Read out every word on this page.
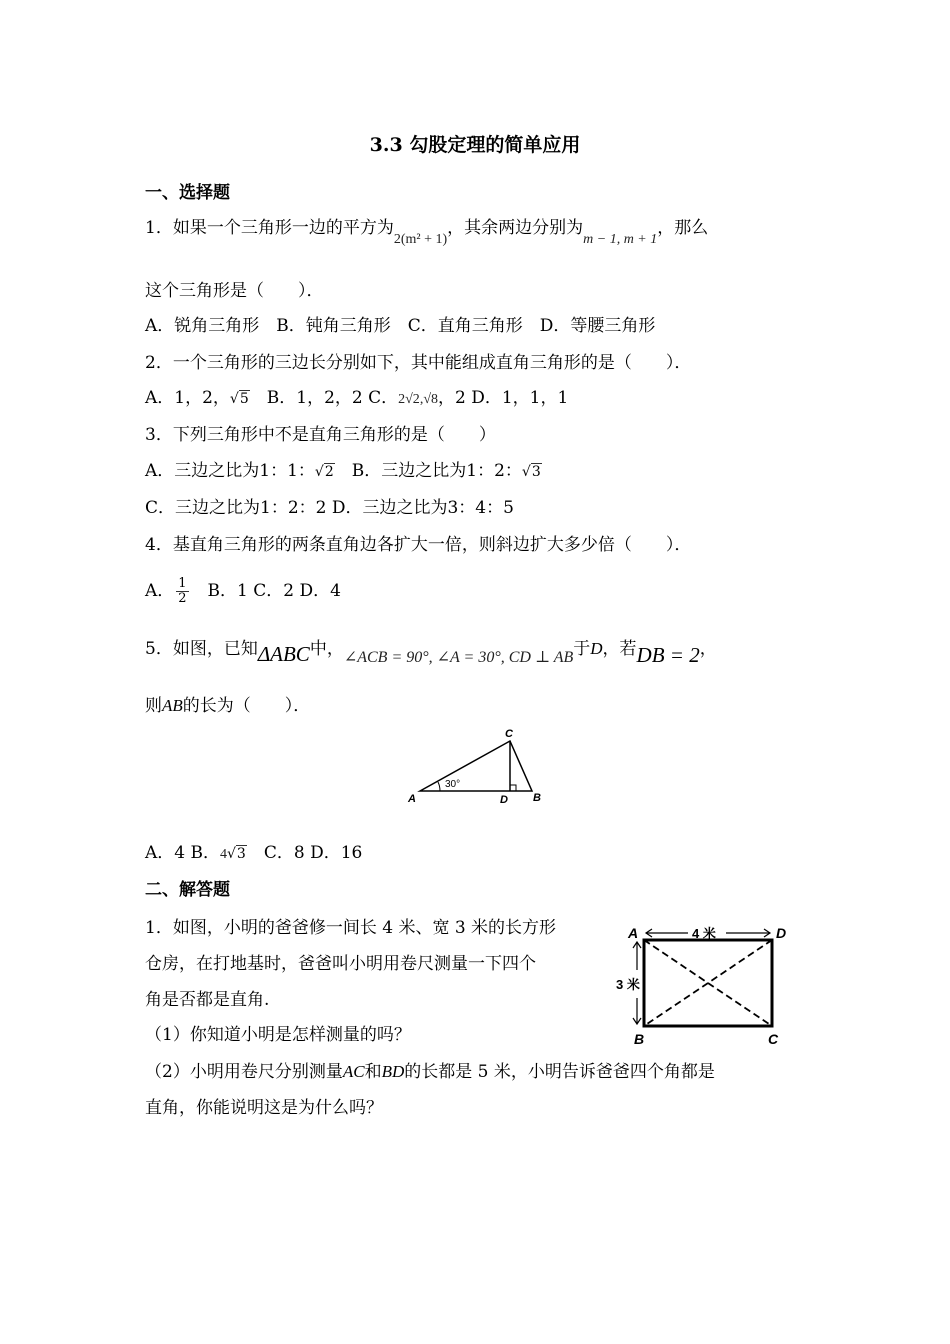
3.3 勾股定理的简单应用
一、选择题
1．如果一个三角形一边的平方为$_{2(m^2 + 1)}$，其余两边分别为$_{m - 1, m + 1}$，那么
这个三角形是（　　）．
A．锐角三角形　B．钝角三角形　C．直角三角形　D．等腰三角形
2．一个三角形的三边长分别如下，其中能组成直角三角形的是（　　）．
A．1，2，√5　B．1，2，2 C．2√2,√8，2 D．1，1，1
3．下列三角形中不是直角三角形的是（　　）
A．三边之比为1：1：√2　B．三边之比为1：2：√3
C．三边之比为1：2：2 D．三边之比为3：4：5
4．基直角三角形的两条直角边各扩大一倍，则斜边扩大多少倍（　　）．
A． $\frac{1}{2}$ 　B．1 C．2 D．4
5．如图，已知ΔABC中，∠ACB = 90°, ∠A = 30°, CD ⊥ AB于D，若DB = 2，
则AB的长为（　　）．
A	B
C
D
30°
A．4 B．4√3　C．8 D．16
二、解答题
1．如图，小明的爸爸修一间长 4 米、宽 3 米的长方形
仓房，在打地基时，爸爸叫小明用卷尺测量一下四个
角是否都是直角.
（1）你知道小明是怎样测量的吗？
（2）小明用卷尺分别测量AC和BD的长都是 5 米，小明告诉爸爸四个角都是
直角，你能说明这是为什么吗？
A	D
B	C
4 米
3 米
